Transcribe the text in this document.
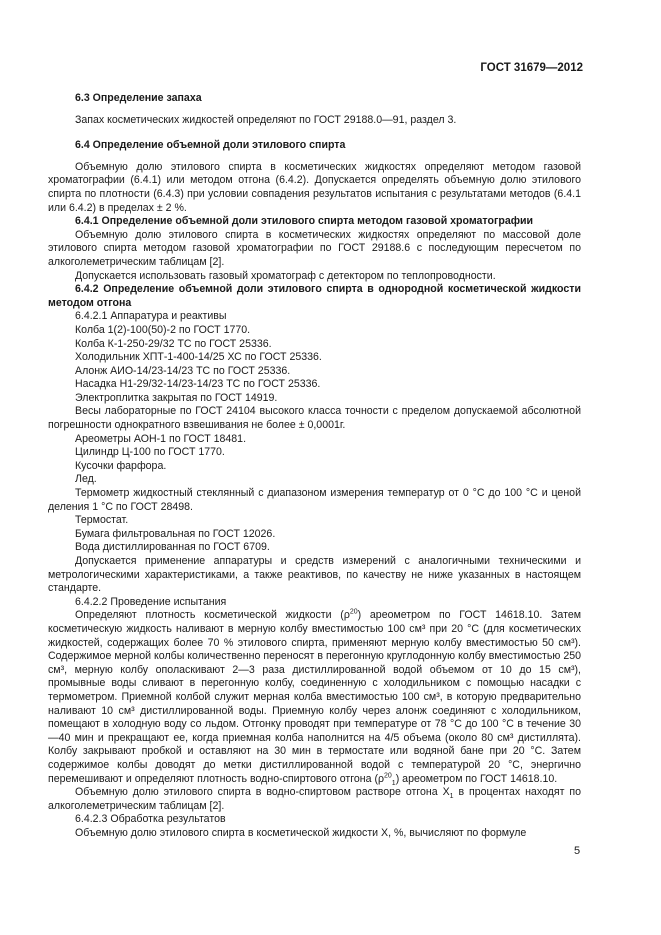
ГОСТ 31679—2012

6.3 Определение запаха

Запах косметических жидкостей определяют по ГОСТ 29188.0—91, раздел 3.

6.4 Определение объемной доли этилового спирта

Объемную долю этилового спирта в косметических жидкостях определяют методом газовой хроматографии (6.4.1) или методом отгона (6.4.2). Допускается определять объемную долю этилового спирта по плотности (6.4.3) при условии совпадения результатов испытания с результатами методов (6.4.1 или 6.4.2) в пределах ± 2 %.

6.4.1 Определение объемной доли этилового спирта методом газовой хроматографии

Объемную долю этилового спирта в косметических жидкостях определяют по массовой доле этилового спирта методом газовой хроматографии по ГОСТ 29188.6 с последующим пересчетом по алкоголеметрическим таблицам [2].

Допускается использовать газовый хроматограф с детектором по теплопроводности.

6.4.2 Определение объемной доли этилового спирта в однородной косметической жидкости методом отгона

6.4.2.1 Аппаратура и реактивы

Колба 1(2)-100(50)-2 по ГОСТ 1770.

Колба К-1-250-29/32 ТС по ГОСТ 25336.

Холодильник ХПТ-1-400-14/25 ХС по ГОСТ 25336.

Алонж АИО-14/23-14/23 ТС по ГОСТ 25336.

Насадка Н1-29/32-14/23-14/23 ТС по ГОСТ 25336.

Электроплитка закрытая по ГОСТ 14919.

Весы лабораторные по ГОСТ 24104 высокого класса точности с пределом допускаемой абсолютной погрешности однократного взвешивания не более ± 0,0001г.

Ареометры АОН-1 по ГОСТ 18481.

Цилиндр Ц-100 по ГОСТ 1770.

Кусочки фарфора.

Лед.

Термометр жидкостный стеклянный с диапазоном измерения температур от 0 °С до 100 °С и ценой деления 1 °С по ГОСТ 28498.

Термостат.

Бумага фильтровальная по ГОСТ 12026.

Вода дистиллированная по ГОСТ 6709.

Допускается применение аппаратуры и средств измерений с аналогичными техническими и метрологическими характеристиками, а также реактивов, по качеству не ниже указанных в настоящем стандарте.

6.4.2.2 Проведение испытания

Определяют плотность косметической жидкости $(\rho^{20})$ ареометром по ГОСТ 14618.10. Затем косметическую жидкость наливают в мерную колбу вместимостью 100 см³ при 20 °С (для косметических жидкостей, содержащих более 70 % этилового спирта, применяют мерную колбу вместимостью 50 см³). Содержимое мерной колбы количественно переносят в перегонную круглодонную колбу вместимостью 250 см³, мерную колбу ополаскивают 2—3 раза дистиллированной водой объемом от 10 до 15 см³), промывные воды сливают в перегонную колбу, соединенную с холодильником с помощью насадки с термометром. Приемной колбой служит мерная колба вместимостью 100 см³, в которую предварительно наливают 10 см³ дистиллированной воды. Приемную колбу через алонж соединяют с холодильником, помещают в холодную воду со льдом. Отгонку проводят при температуре от 78 °С до 100 °С в течение 30—40 мин и прекращают ее, когда приемная колба наполнится на 4/5 объема (около 80 см³ дистиллята). Колбу закрывают пробкой и оставляют на 30 мин в термостате или водяной бане при 20 °С. Затем содержимое колбы доводят до метки дистиллированной водой с температурой 20 °С, энергично перемешивают и определяют плотность водно-спиртового отгона $(\rho^{20}_1)$ ареометром по ГОСТ 14618.10.

Объемную долю этилового спирта в водно-спиртовом растворе отгона $X_1$ в процентах находят по алкоголеметрическим таблицам [2].

6.4.2.3 Обработка результатов

Объемную долю этилового спирта в косметической жидкости X, %, вычисляют по формуле

5
